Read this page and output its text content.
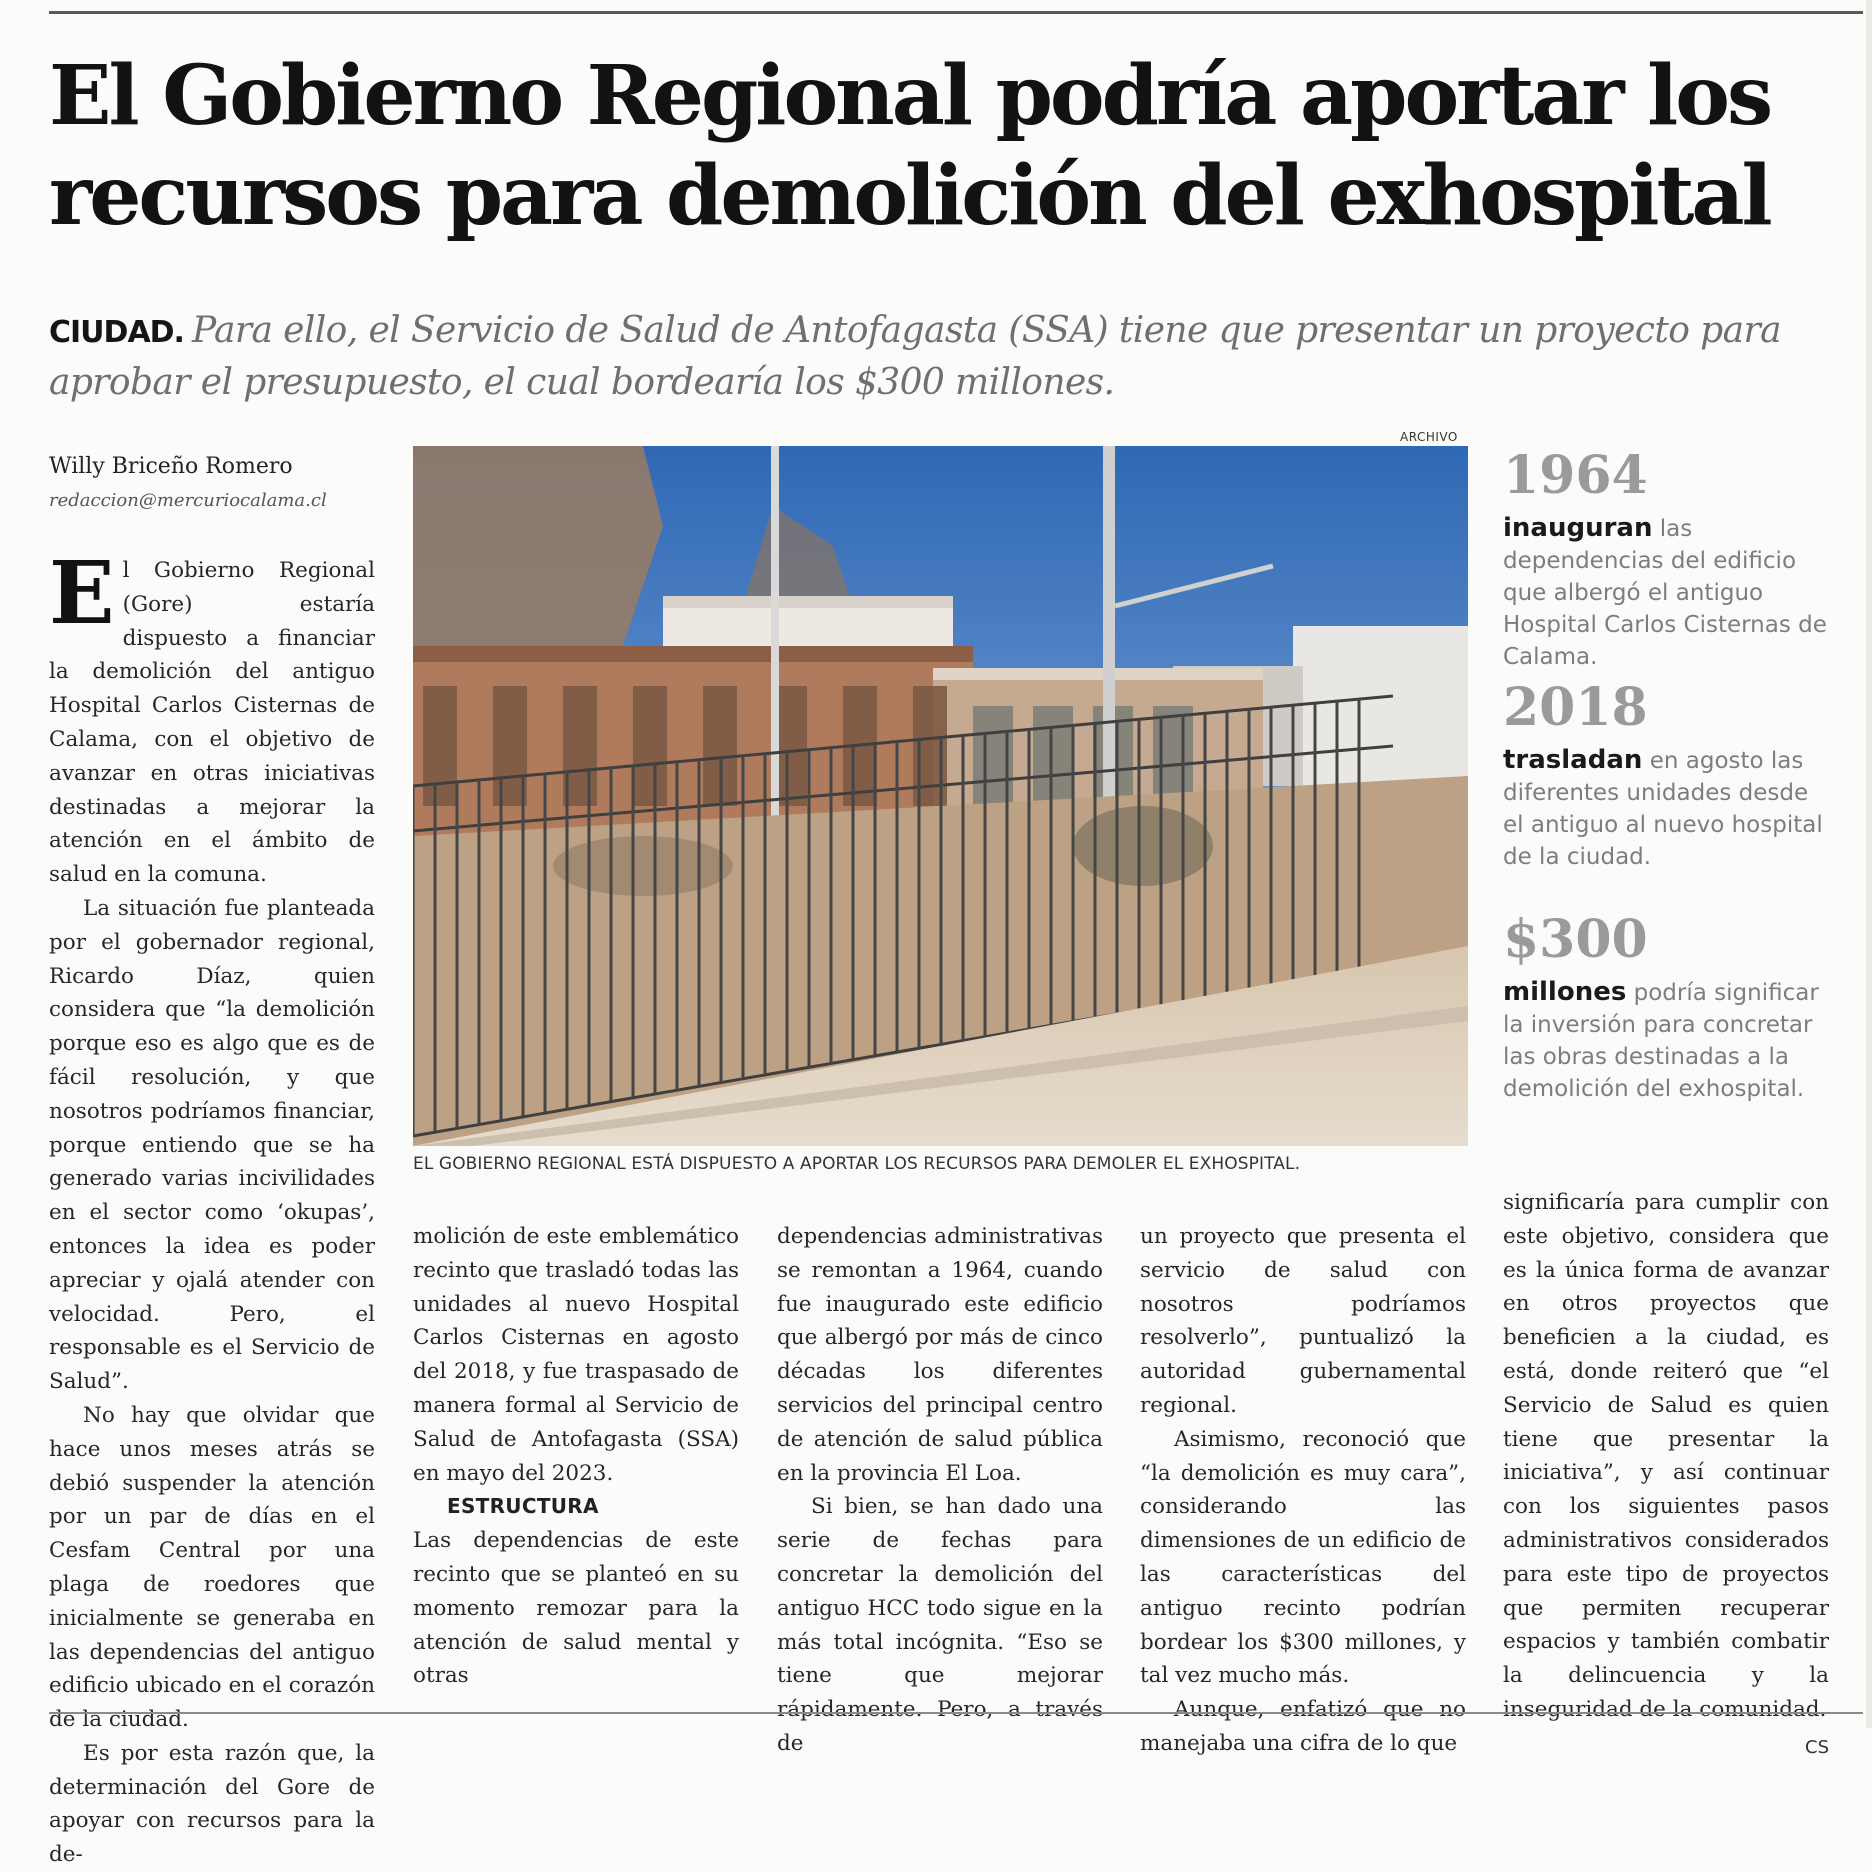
El Gobierno Regional podría aportar los
recursos para demolición del exhospital

CIUDAD. Para ello, el Servicio de Salud de Antofagasta (SSA) tiene que presentar un proyecto para aprobar el presupuesto, el cual bordearía los $300 millones.

Willy Briceño Romero

redaccion@mercuriocalama.cl

El Gobierno Regional (Gore) estaría dispuesto a financiar la demolición del antiguo Hospital Carlos Cisternas de Calama, con el objetivo de avanzar en otras iniciativas destinadas a mejorar la atención en el ámbito de salud en la comuna.

La situación fue planteada por el gobernador regional, Ricardo Díaz, quien considera que “la demolición porque eso es algo que es de fácil resolución, y que nosotros podríamos financiar, porque entiendo que se ha generado varias incivilidades en el sector como ‘okupas’, entonces la idea es poder apreciar y ojalá atender con velocidad. Pero, el responsable es el Servicio de Salud”.

No hay que olvidar que hace unos meses atrás se debió suspender la atención por un par de días en el Cesfam Central por una plaga de roedores que inicialmente se generaba en las dependencias del antiguo edificio ubicado en el corazón de la ciudad.

Es por esta razón que, la determinación del Gore de apoyar con recursos para la de-

ARCHIVO

EL GOBIERNO REGIONAL ESTÁ DISPUESTO A APORTAR LOS RECURSOS PARA DEMOLER EL EXHOSPITAL.

1964

inauguran las dependencias del edificio que albergó el antiguo Hospital Carlos Cisternas de Calama.

2018

trasladan en agosto las diferentes unidades desde el antiguo al nuevo hospital de la ciudad.

$300

millones podría significar la inversión para concretar las obras destinadas a la demolición del exhospital.

molición de este emblemático recinto que trasladó todas las unidades al nuevo Hospital Carlos Cisternas en agosto del 2018, y fue traspasado de manera formal al Servicio de Salud de Antofagasta (SSA) en mayo del 2023.

ESTRUCTURA

Las dependencias de este recinto que se planteó en su momento remozar para la atención de salud mental y otras

dependencias administrativas se remontan a 1964, cuando fue inaugurado este edificio que albergó por más de cinco décadas los diferentes servicios del principal centro de atención de salud pública en la provincia El Loa.

Si bien, se han dado una serie de fechas para concretar la demolición del antiguo HCC todo sigue en la más total incógnita. “Eso se tiene que mejorar rápidamente. Pero, a través de

un proyecto que presenta el servicio de salud con nosotros podríamos resolverlo”, puntualizó la autoridad gubernamental regional.

Asimismo, reconoció que “la demolición es muy cara”, considerando las dimensiones de un edificio de las características del antiguo recinto podrían bordear los $300 millones, y tal vez mucho más.

Aunque, enfatizó que no manejaba una cifra de lo que

significaría para cumplir con este objetivo, considera que es la única forma de avanzar en otros proyectos que beneficien a la ciudad, es está, donde reiteró que “el Servicio de Salud es quien tiene que presentar la iniciativa”, y así continuar con los siguientes pasos administrativos considerados para este tipo de proyectos que permiten recuperar espacios y también combatir la delincuencia y la inseguridad de la comunidad.
CS
